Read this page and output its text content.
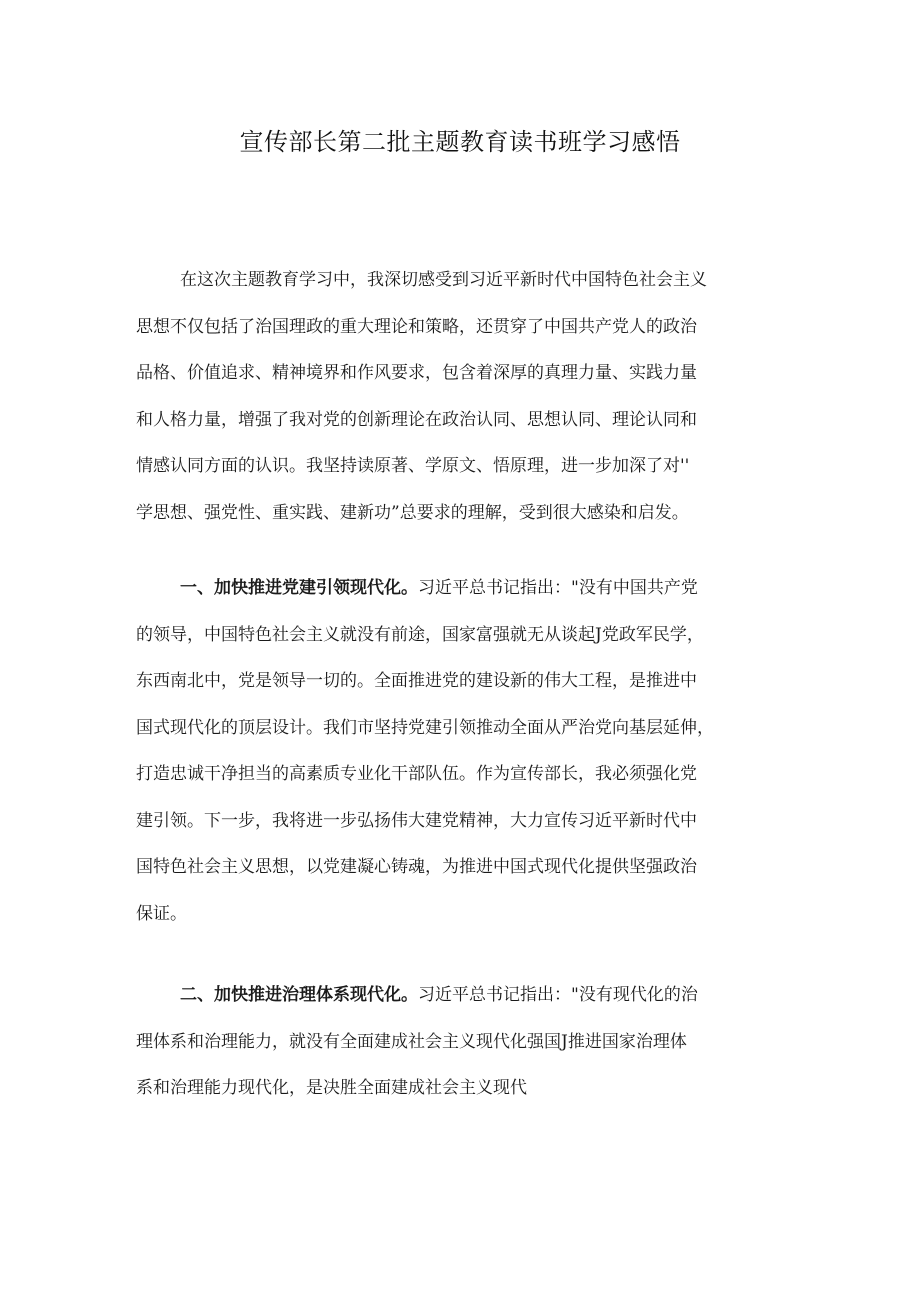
宣传部长第二批主题教育读书班学习感悟
在这次主题教育学习中，我深切感受到习近平新时代中国特色社会主义
思想不仅包括了治国理政的重大理论和策略，还贯穿了中国共产党人的政治
品格、价值追求、精神境界和作风要求，包含着深厚的真理力量、实践力量
和人格力量，增强了我对党的创新理论在政治认同、思想认同、理论认同和
情感认同方面的认识。我坚持读原著、学原文、悟原理，进一步加深了对''
学思想、强党性、重实践、建新功”总要求的理解，受到很大感染和启发。
一、加快推进党建引领现代化。习近平总书记指出："没有中国共产党
的领导，中国特色社会主义就没有前途，国家富强就无从谈起J党政军民学，
东西南北中，党是领导一切的。全面推进党的建设新的伟大工程，是推进中
国式现代化的顶层设计。我们市坚持党建引领推动全面从严治党向基层延伸，
打造忠诚干净担当的高素质专业化干部队伍。作为宣传部长，我必须强化党
建引领。下一步，我将进一步弘扬伟大建党精神，大力宣传习近平新时代中
国特色社会主义思想，以党建凝心铸魂，为推进中国式现代化提供坚强政治
保证。
二、加快推进治理体系现代化。习近平总书记指出："没有现代化的治
理体系和治理能力，就没有全面建成社会主义现代化强国J推进国家治理体
系和治理能力现代化，是决胜全面建成社会主义现代
